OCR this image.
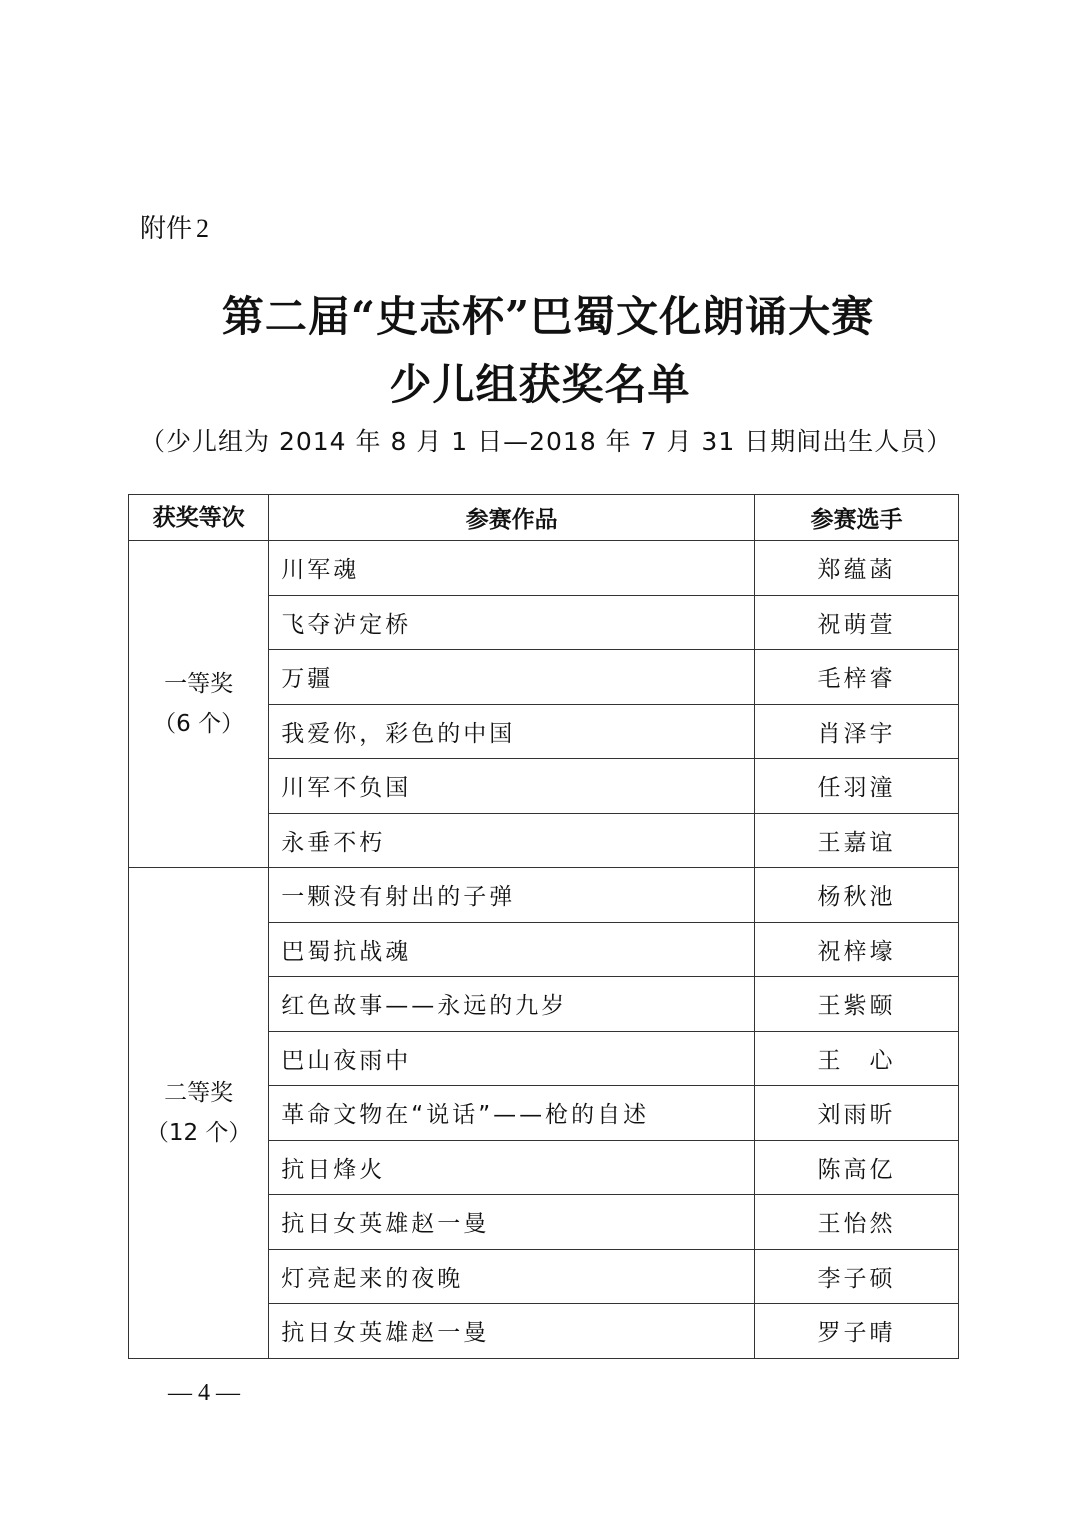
附件 2
第二届“史志杯”巴蜀文化朗诵大赛
少儿组获奖名单
（少儿组为 2014 年 8 月 1 日—2018 年 7 月 31 日期间出生人员）
获奖等次	参赛作品	参赛选手

一等奖
（6 个）	川军魂	郑蕴菡
	飞夺泸定桥	祝萌萱
	万疆	毛梓睿
	我爱你，彩色的中国	肖泽宇
	川军不负国	任羽潼
	永垂不朽	王嘉谊

二等奖
（12 个）	一颗没有射出的子弹	杨秋池
	巴蜀抗战魂	祝梓壕
	红色故事——永远的九岁	王紫颐
	巴山夜雨中	王　心
	革命文物在“说话”——枪的自述	刘雨昕
	抗日烽火	陈高亿
	抗日女英雄赵一曼	王怡然
	灯亮起来的夜晚	李子硕
	抗日女英雄赵一曼	罗子晴
— 4 —
